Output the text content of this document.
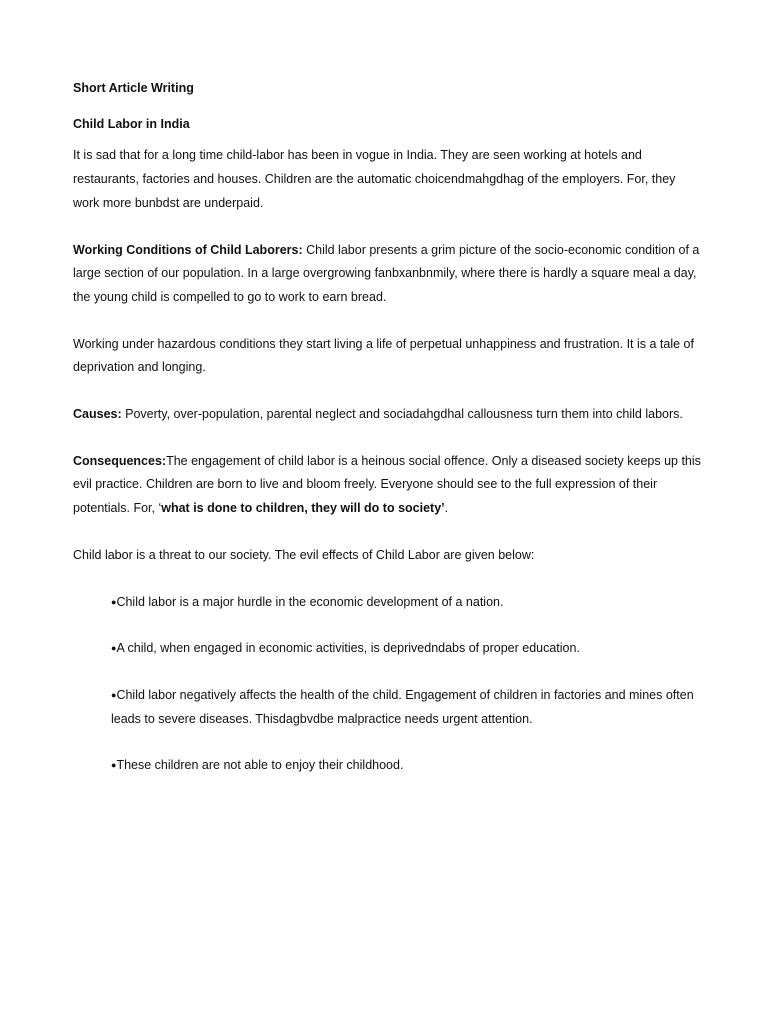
Short Article Writing
Child Labor in India

It is sad that for a long time child-labor has been in vogue in India. They are seen working at hotels and restaurants, factories and houses. Children are the automatic choicendmahgdhag of the employers. For, they work more bunbdst are underpaid.

Working Conditions of Child Laborers: Child labor presents a grim picture of the socio-economic condition of a large section of our population. In a large overgrowing fanbxanbnmily, where there is hardly a square meal a day, the young child is compelled to go to work to earn bread.

Working under hazardous conditions they start living a life of perpetual unhappiness and frustration. It is a tale of deprivation and longing.

Causes: Poverty, over-population, parental neglect and sociadahgdhal callousness turn them into child labors.

Consequences:The engagement of child labor is a heinous social offence. Only a diseased society keeps up this evil practice. Children are born to live and bloom freely. Everyone should see to the full expression of their potentials. For, ‘what is done to children, they will do to society’.

Child labor is a threat to our society. The evil effects of Child Labor are given below:

●Child labor is a major hurdle in the economic development of a nation.
●A child, when engaged in economic activities, is deprivedndabs of proper education.
●Child labor negatively affects the health of the child. Engagement of children in factories and mines often leads to severe diseases. Thisdagbvdbe malpractice needs urgent attention.
●These children are not able to enjoy their childhood.
